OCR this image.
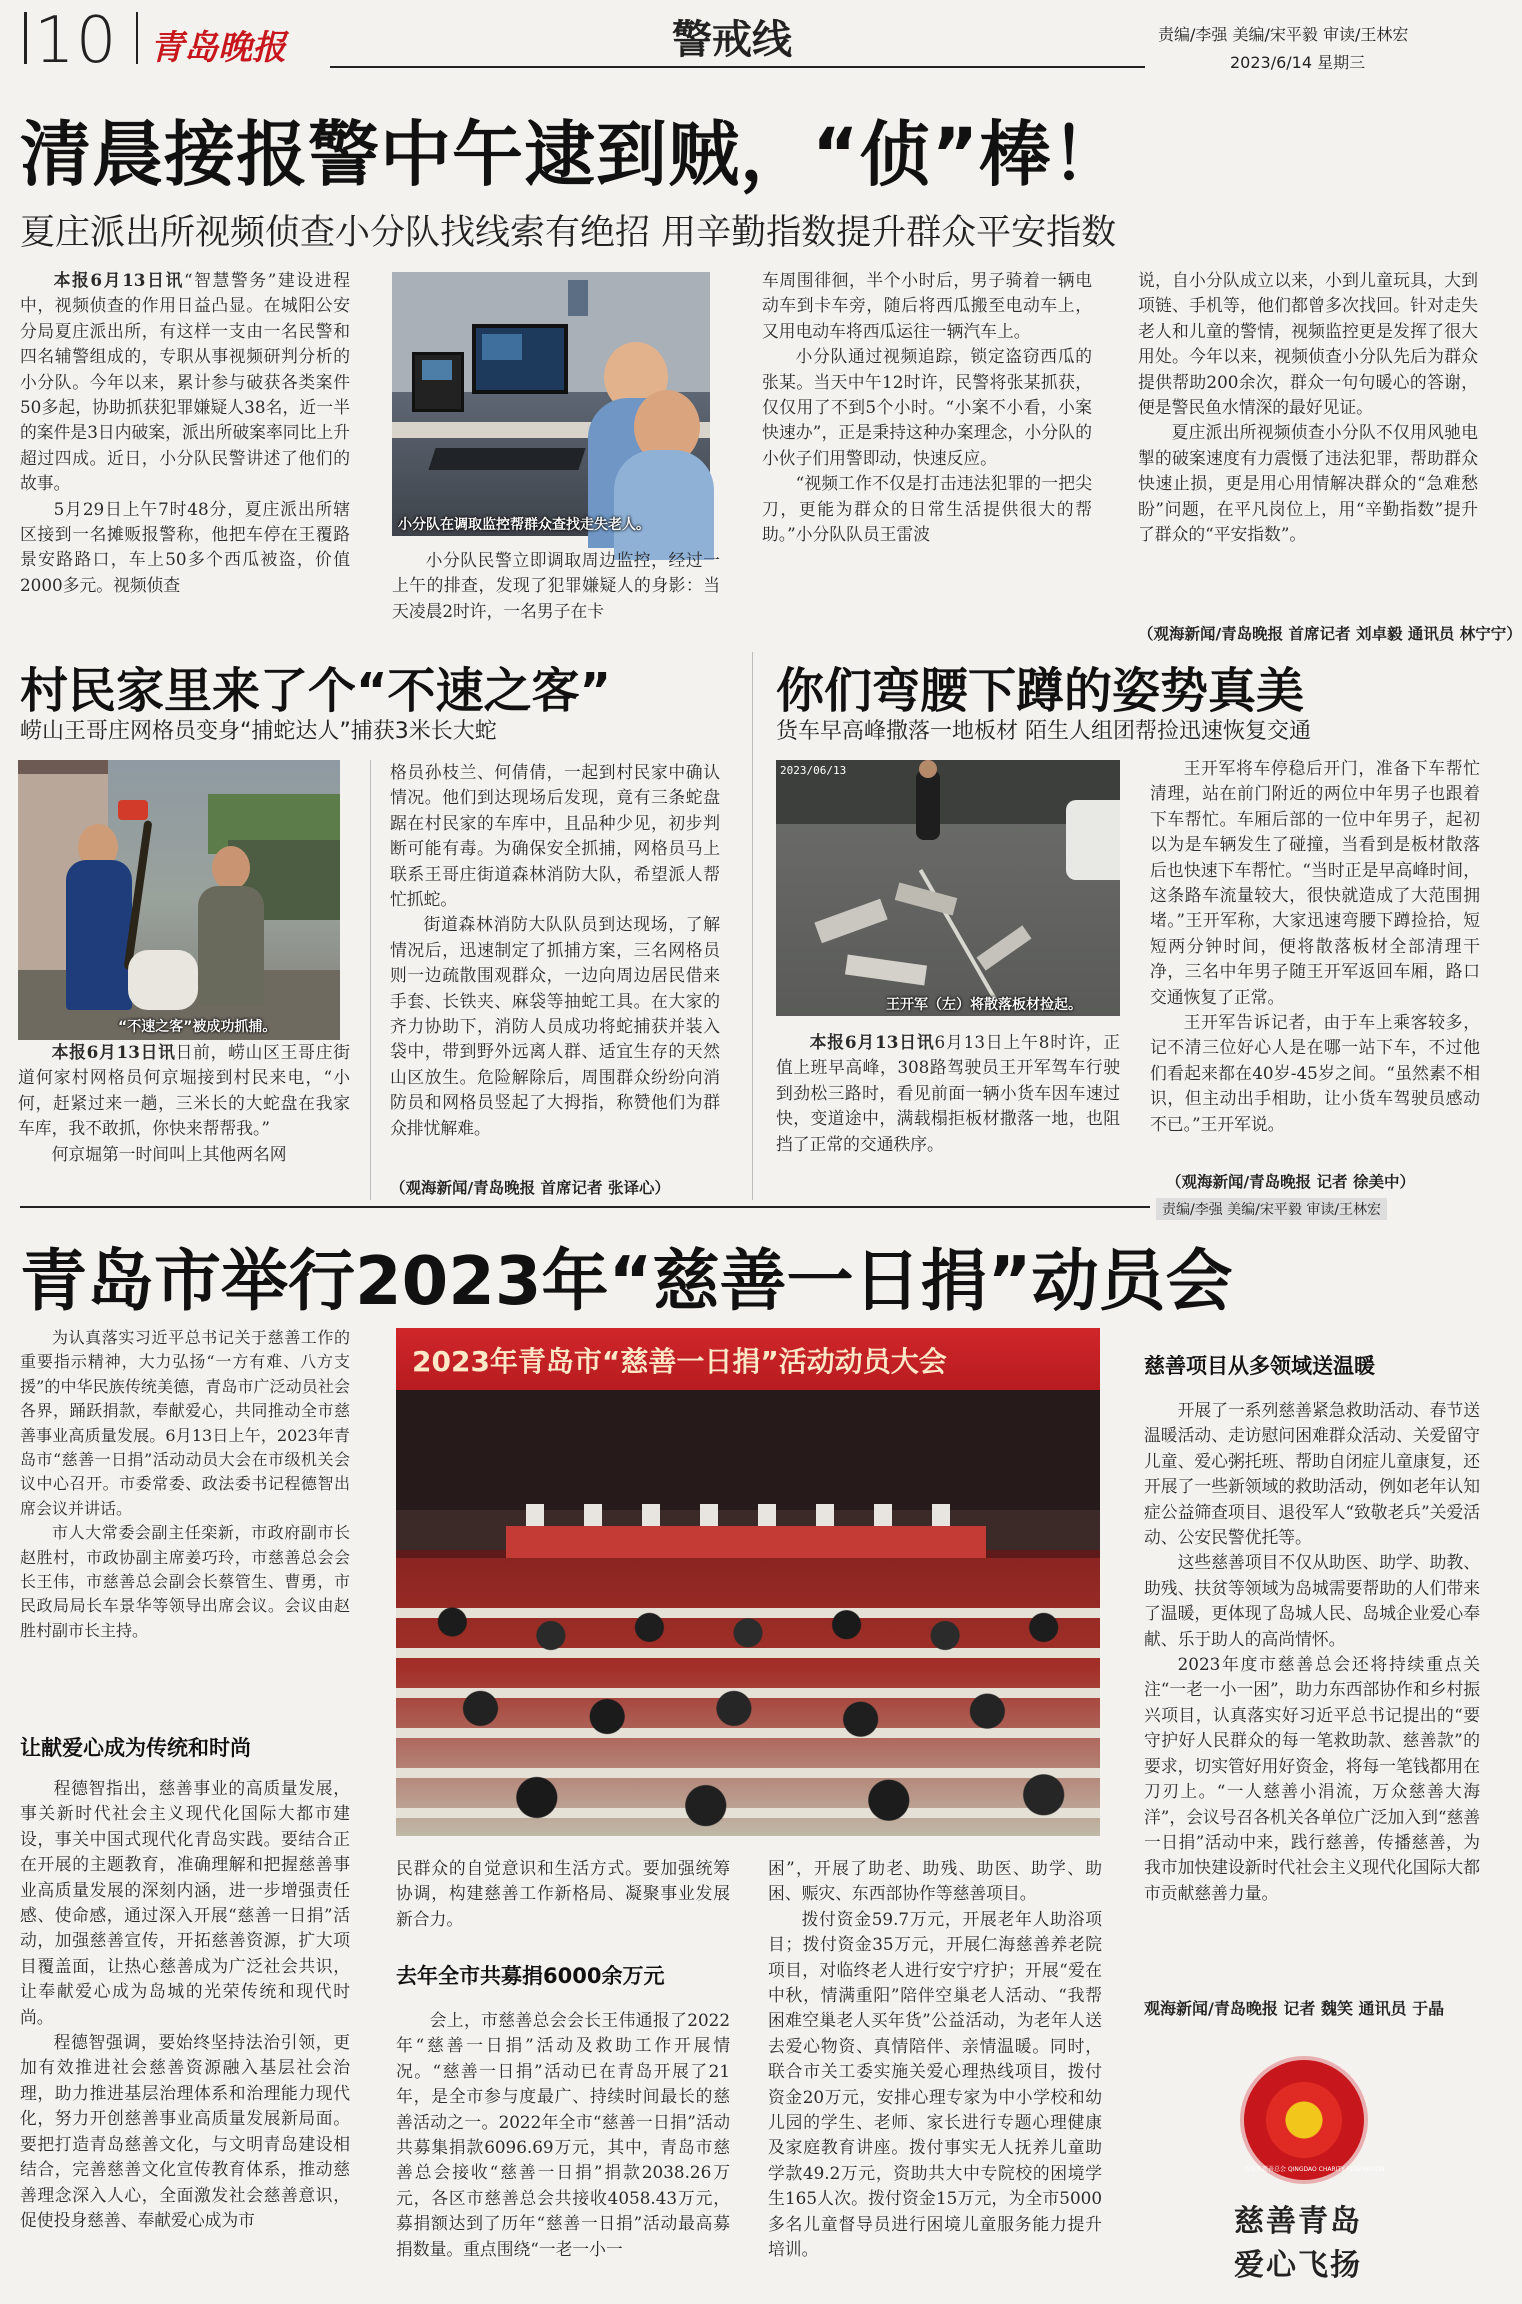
10 青岛晚报	警戒线	责编/李强 美编/宋平毅 审读/王林宏
2023/6/14 星期三
清晨接报警中午逮到贼，“侦”棒！
夏庄派出所视频侦查小分队找线索有绝招 用辛勤指数提升群众平安指数

本报6月13日讯“智慧警务”建设进程中，视频侦查的作用日益凸显。在城阳公安分局夏庄派出所，有这样一支由一名民警和四名辅警组成的，专职从事视频研判分析的小分队。今年以来，累计参与破获各类案件50多起，协助抓获犯罪嫌疑人38名，近一半的案件是3日内破案，派出所破案率同比上升超过四成。近日，小分队民警讲述了他们的故事。

5月29日上午7时48分，夏庄派出所辖区接到一名摊贩报警称，他把车停在王覆路景安路路口，车上50多个西瓜被盗，价值2000多元。视频侦查

小分队在调取监控帮群众查找走失老人。

小分队民警立即调取周边监控，经过一上午的排查，发现了犯罪嫌疑人的身影：当天凌晨2时许，一名男子在卡

车周围徘徊，半个小时后，男子骑着一辆电动车到卡车旁，随后将西瓜搬至电动车上，又用电动车将西瓜运往一辆汽车上。

小分队通过视频追踪，锁定盗窃西瓜的张某。当天中午12时许，民警将张某抓获，仅仅用了不到5个小时。“小案不小看，小案快速办”，正是秉持这种办案理念，小分队的小伙子们用警即动，快速反应。

“视频工作不仅是打击违法犯罪的一把尖刀，更能为群众的日常生活提供很大的帮助。”小分队队员王雷波

说，自小分队成立以来，小到儿童玩具，大到项链、手机等，他们都曾多次找回。针对走失老人和儿童的警情，视频监控更是发挥了很大用处。今年以来，视频侦查小分队先后为群众提供帮助200余次，群众一句句暖心的答谢，便是警民鱼水情深的最好见证。

夏庄派出所视频侦查小分队不仅用风驰电掣的破案速度有力震慑了违法犯罪，帮助群众快速止损，更是用心用情解决群众的“急难愁盼”问题，在平凡岗位上，用“辛勤指数”提升了群众的“平安指数”。

（观海新闻/青岛晚报 首席记者 刘卓毅 通讯员 林宁宁）
村民家里来了个“不速之客”
崂山王哥庄网格员变身“捕蛇达人”捕获3米长大蛇
“不速之客”被成功抓捕。

本报6月13日讯日前，崂山区王哥庄街道何家村网格员何京堀接到村民来电，“小何，赶紧过来一趟，三米长的大蛇盘在我家车库，我不敢抓，你快来帮帮我。”

何京堀第一时间叫上其他两名网

格员孙枝兰、何倩倩，一起到村民家中确认情况。他们到达现场后发现，竟有三条蛇盘踞在村民家的车库中，且品种少见，初步判断可能有毒。为确保安全抓捕，网格员马上联系王哥庄街道森林消防大队，希望派人帮忙抓蛇。

街道森林消防大队队员到达现场，了解情况后，迅速制定了抓捕方案，三名网格员则一边疏散围观群众，一边向周边居民借来手套、长铁夹、麻袋等抽蛇工具。在大家的齐力协助下，消防人员成功将蛇捕获并装入袋中，带到野外远离人群、适宜生存的天然山区放生。危险解除后，周围群众纷纷向消防员和网格员竖起了大拇指，称赞他们为群众排忧解难。

（观海新闻/青岛晚报 首席记者 张译心）
你们弯腰下蹲的姿势真美
货车早高峰撒落一地板材 陌生人组团帮捡迅速恢复交通
2023/06/13
王开军（左）将散落板材捡起。

本报6月13日讯6月13日上午8时许，正值上班早高峰，308路驾驶员王开军驾车行驶到劲松三路时，看见前面一辆小货车因车速过快，变道途中，满载榻拒板材撒落一地，也阻挡了正常的交通秩序。

王开军将车停稳后开门，准备下车帮忙清理，站在前门附近的两位中年男子也跟着下车帮忙。车厢后部的一位中年男子，起初以为是车辆发生了碰撞，当看到是板材散落后也快速下车帮忙。“当时正是早高峰时间，这条路车流量较大，很快就造成了大范围拥堵。”王开军称，大家迅速弯腰下蹲捡拾，短短两分钟时间，便将散落板材全部清理干净，三名中年男子随王开军返回车厢，路口交通恢复了正常。

王开军告诉记者，由于车上乘客较多，记不清三位好心人是在哪一站下车，不过他们看起来都在40岁-45岁之间。“虽然素不相识，但主动出手相助，让小货车驾驶员感动不已。”王开军说。

（观海新闻/青岛晚报 记者 徐美中）
责编/李强 美编/宋平毅 审读/王林宏
青岛市举行2023年“慈善一日捐”动员会

为认真落实习近平总书记关于慈善工作的重要指示精神，大力弘扬“一方有难、八方支援”的中华民族传统美德，青岛市广泛动员社会各界，踊跃捐款，奉献爱心，共同推动全市慈善事业高质量发展。6月13日上午，2023年青岛市“慈善一日捐”活动动员大会在市级机关会议中心召开。市委常委、政法委书记程德智出席会议并讲话。

市人大常委会副主任栾新，市政府副市长赵胜村，市政协副主席姜巧玲，市慈善总会会长王伟，市慈善总会副会长蔡管生、曹勇，市民政局局长车景华等领导出席会议。会议由赵胜村副市长主持。

让献爱心成为传统和时尚

程德智指出，慈善事业的高质量发展，事关新时代社会主义现代化国际大都市建设，事关中国式现代化青岛实践。要结合正在开展的主题教育，准确理解和把握慈善事业高质量发展的深刻内涵，进一步增强责任感、使命感，通过深入开展“慈善一日捐”活动，加强慈善宣传，开拓慈善资源，扩大项目覆盖面，让热心慈善成为广泛社会共识，让奉献爱心成为岛城的光荣传统和现代时尚。

程德智强调，要始终坚持法治引领，更加有效推进社会慈善资源融入基层社会治理，助力推进基层治理体系和治理能力现代化，努力开创慈善事业高质量发展新局面。要把打造青岛慈善文化，与文明青岛建设相结合，完善慈善文化宣传教育体系，推动慈善理念深入人心，全面激发社会慈善意识，促使投身慈善、奉献爱心成为市

2023年青岛市“慈善一日捐”活动动员大会

民群众的自觉意识和生活方式。要加强统筹协调，构建慈善工作新格局、凝聚事业发展新合力。

去年全市共募捐6000余万元

会上，市慈善总会会长王伟通报了2022年“慈善一日捐”活动及救助工作开展情况。“慈善一日捐”活动已在青岛开展了21年，是全市参与度最广、持续时间最长的慈善活动之一。2022年全市“慈善一日捐”活动共募集捐款6096.69万元，其中，青岛市慈善总会接收“慈善一日捐”捐款2038.26万元，各区市慈善总会共接收4058.43万元，募捐额达到了历年“慈善一日捐”活动最高募捐数量。重点围绕“一老一小一

困”，开展了助老、助残、助医、助学、助困、赈灾、东西部协作等慈善项目。

拨付资金59.7万元，开展老年人助浴项目；拨付资金35万元，开展仁海慈善养老院项目，对临终老人进行安宁疗护；开展“爱在中秋，情满重阳”陪伴空巢老人活动、“我帮困难空巢老人买年货”公益活动，为老年人送去爱心物资、真情陪伴、亲情温暖。同时，联合市关工委实施关爱心理热线项目，拨付资金20万元，安排心理专家为中小学校和幼儿园的学生、老师、家长进行专题心理健康及家庭教育讲座。拨付事实无人抚养儿童助学款49.2万元，资助共大中专院校的困境学生165人次。拨付资金15万元，为全市5000多名儿童督导员进行困境儿童服务能力提升培训。

慈善项目从多领域送温暖

开展了一系列慈善紧急救助活动、春节送温暖活动、走访慰问困难群众活动、关爱留守儿童、爱心粥托班、帮助自闭症儿童康复，还开展了一些新领域的救助活动，例如老年认知症公益筛查项目、退役军人“致敬老兵”关爱活动、公安民警优托等。

这些慈善项目不仅从助医、助学、助教、助残、扶贫等领域为岛城需要帮助的人们带来了温暖，更体现了岛城人民、岛城企业爱心奉献、乐于助人的高尚情怀。

2023年度市慈善总会还将持续重点关注“一老一小一困”，助力东西部协作和乡村振兴项目，认真落实好习近平总书记提出的“要守护好人民群众的每一笔救助款、慈善款”的要求，切实管好用好资金，将每一笔钱都用在刀刃上。“一人慈善小涓流，万众慈善大海洋”，会议号召各机关各单位广泛加入到“慈善一日捐”活动中来，践行慈善，传播慈善，为我市加快建设新时代社会主义现代化国际大都市贡献慈善力量。

观海新闻/青岛晚报 记者 魏笑 通讯员 于晶
青岛市慈善总会 QINGDAO CHARITY FEDERATION
慈善青岛
爱心飞扬
